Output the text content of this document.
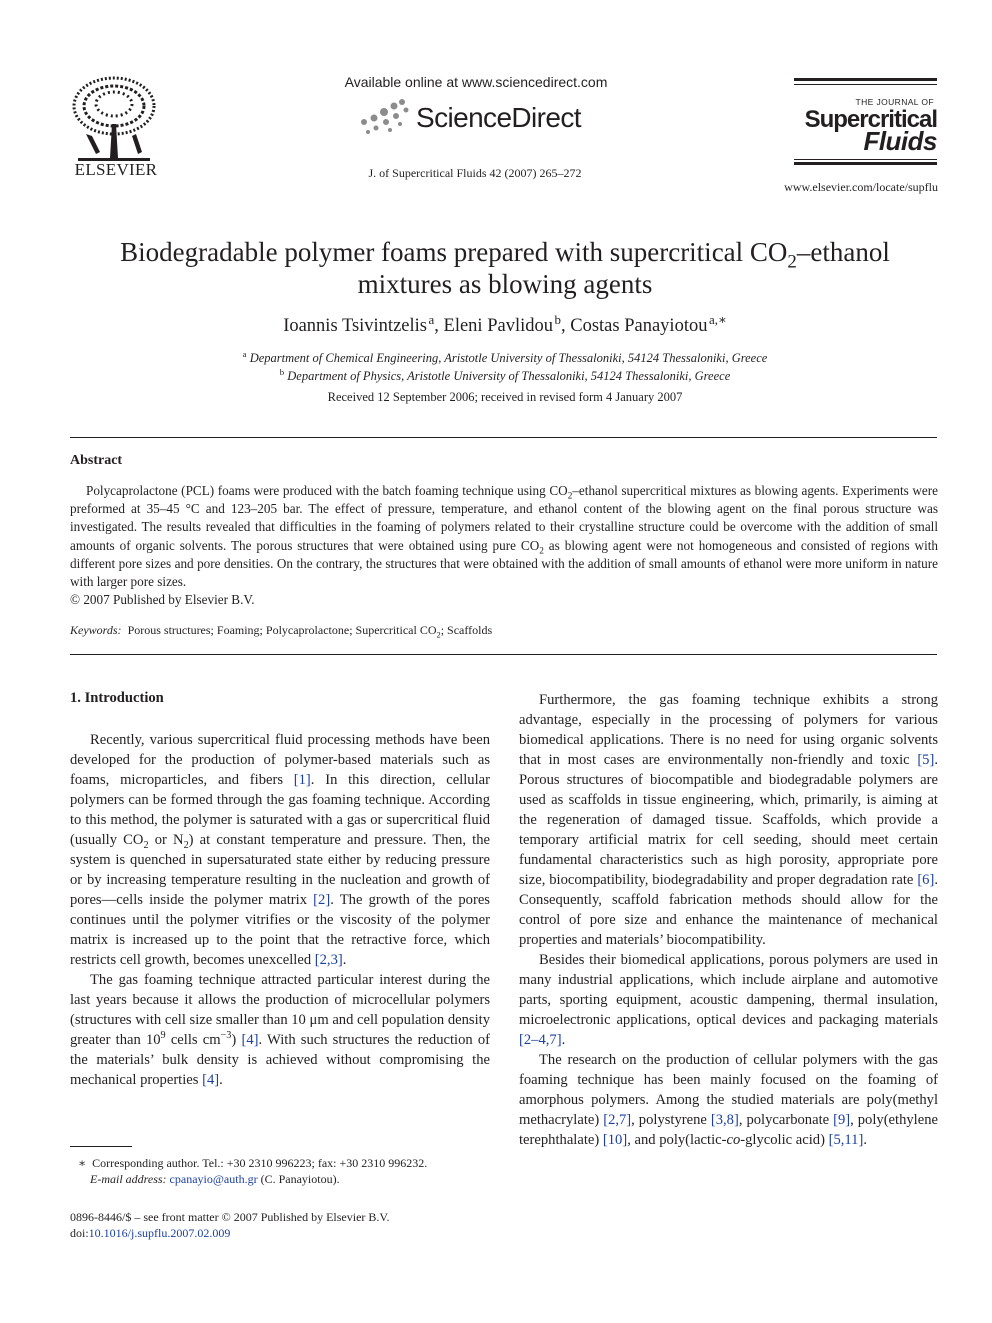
ELSEVIER
Available online at www.sciencedirect.com
ScienceDirect
J. of Supercritical Fluids 42 (2007) 265–272
THE JOURNAL OF
Supercritical
Fluids
www.elsevier.com/locate/supflu
Biodegradable polymer foams prepared with supercritical $CO_2$–ethanol
mixtures as blowing agents
Ioannis Tsivintzelis  $^a$, Eleni Pavlidou  $^b$, Costas Panayiotou  $^{a,∗}$
$^a$ Department of Chemical Engineering, Aristotle University of Thessaloniki, 54124 Thessaloniki, Greece
$^b$ Department of Physics, Aristotle University of Thessaloniki, 54124 Thessaloniki, Greece
Received 12 September 2006; received in revised form 4 January 2007
Abstract
Polycaprolactone (PCL) foams were produced with the batch foaming technique using $CO_2$–ethanol supercritical mixtures as blowing agents. Experiments were preformed at 35–45 °C and 123–205 bar. The effect of pressure, temperature, and ethanol content of the blowing agent on the final porous structure was investigated. The results revealed that difficulties in the foaming of polymers related to their crystalline structure could be overcome with the addition of small amounts of organic solvents. The porous structures that were obtained using pure $CO_2$ as blowing agent were not homogeneous and consisted of regions with different pore sizes and pore densities. On the contrary, the structures that were obtained with the addition of small amounts of ethanol were more uniform in nature with larger pore sizes.
© 2007 Published by Elsevier B.V.
Keywords: Porous structures; Foaming; Polycaprolactone; Supercritical $CO_2$; Scaffolds
1. Introduction

Recently, various supercritical fluid processing methods have been developed for the production of polymer-based materials such as foams, microparticles, and fibers [1]. In this direction, cellular polymers can be formed through the gas foaming technique. According to this method, the polymer is saturated with a gas or supercritical fluid (usually $CO_2$ or $N_2$) at constant temperature and pressure. Then, the system is quenched in supersaturated state either by reducing pressure or by increasing temperature resulting in the nucleation and growth of pores—cells inside the polymer matrix [2]. The growth of the pores continues until the polymer vitrifies or the viscosity of the polymer matrix is increased up to the point that the retractive force, which restricts cell growth, becomes unexcelled [2,3].

The gas foaming technique attracted particular interest during the last years because it allows the production of microcellular polymers (structures with cell size smaller than 10 μm and cell population density greater than $10^9$ cells $cm^{-3}$) [4]. With such structures the reduction of the materials’ bulk density is achieved without compromising the mechanical properties [4].

Furthermore, the gas foaming technique exhibits a strong advantage, especially in the processing of polymers for various biomedical applications. There is no need for using organic solvents that in most cases are environmentally non-friendly and toxic [5]. Porous structures of biocompatible and biodegradable polymers are used as scaffolds in tissue engineering, which, primarily, is aiming at the regeneration of damaged tissue. Scaffolds, which provide a temporary artificial matrix for cell seeding, should meet certain fundamental characteristics such as high porosity, appropriate pore size, biocompatibility, biodegradability and proper degradation rate [6]. Consequently, scaffold fabrication methods should allow for the control of pore size and enhance the maintenance of mechanical properties and materials’ biocompatibility.

Besides their biomedical applications, porous polymers are used in many industrial applications, which include airplane and automotive parts, sporting equipment, acoustic dampening, thermal insulation, microelectronic applications, optical devices and packaging materials [2–4,7].

The research on the production of cellular polymers with the gas foaming technique has been mainly focused on the foaming of amorphous polymers. Among the studied materials are poly(methyl methacrylate) [2,7], polystyrene [3,8], polycarbonate [9], poly(ethylene terephthalate) [10], and poly(lactic-co-glycolic acid) [5,11].

∗ Corresponding author. Tel.: +30 2310 996223; fax: +30 2310 996232.
E-mail address: cpanayio@auth.gr (C. Panayiotou).
0896-8446/$ – see front matter © 2007 Published by Elsevier B.V.
doi:10.1016/j.supflu.2007.02.009
